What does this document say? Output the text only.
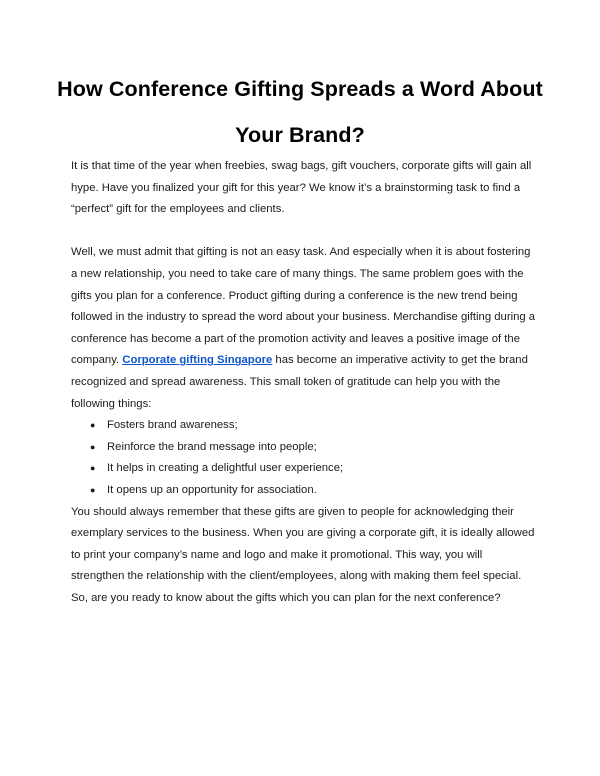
How Conference Gifting Spreads a Word About Your Brand?

It is that time of the year when freebies, swag bags, gift vouchers, corporate gifts will gain all hype. Have you finalized your gift for this year? We know it’s a brainstorming task to find a “perfect” gift for the employees and clients.

Well, we must admit that gifting is not an easy task. And especially when it is about fostering a new relationship, you need to take care of many things. The same problem goes with the gifts you plan for a conference. Product gifting during a conference is the new trend being followed in the industry to spread the word about your business. Merchandise gifting during a conference has become a part of the promotion activity and leaves a positive image of the company. Corporate gifting Singapore has become an imperative activity to get the brand recognized and spread awareness. This small token of gratitude can help you with the following things:

● Fosters brand awareness;
● Reinforce the brand message into people;
● It helps in creating a delightful user experience;
● It opens up an opportunity for association.

You should always remember that these gifts are given to people for acknowledging their exemplary services to the business. When you are giving a corporate gift, it is ideally allowed to print your company’s name and logo and make it promotional. This way, you will strengthen the relationship with the client/employees, along with making them feel special. So, are you ready to know about the gifts which you can plan for the next conference?
